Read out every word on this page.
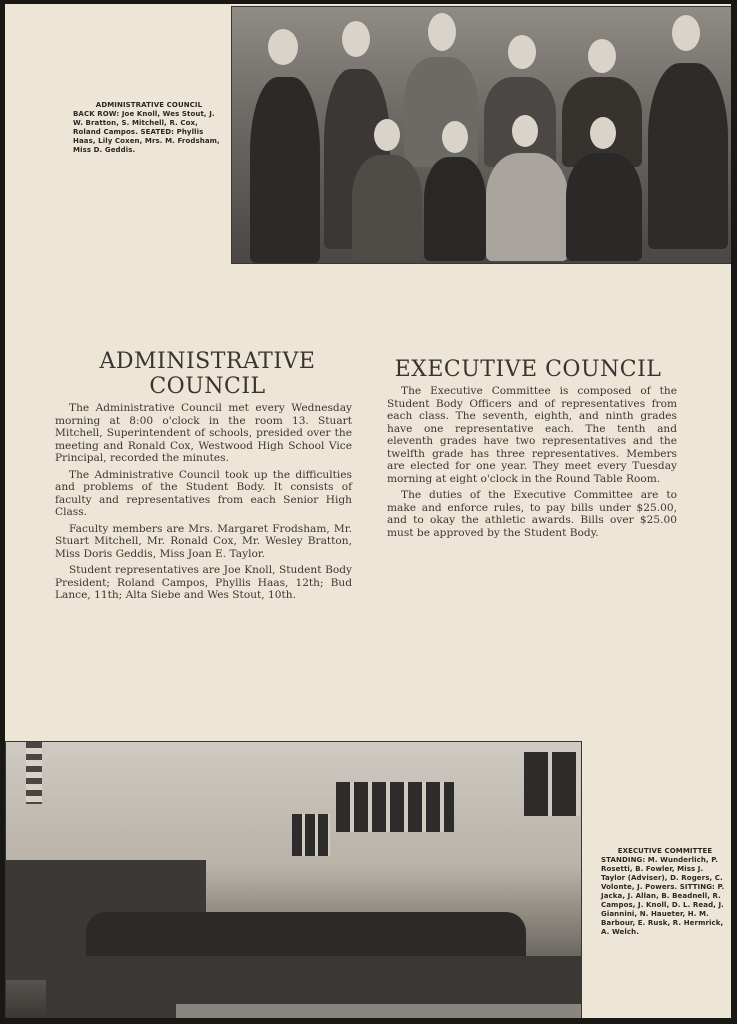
ADMINISTRATIVE COUNCIL
BACK ROW: Joe Knoll, Wes Stout, J. W. Bratton, S. Mitchell, R. Cox, Roland Campos. SEATED: Phyllis Haas, Lily Coxen, Mrs. M. Frodsham, Miss D. Geddis.
ADMINISTRATIVE
COUNCIL

The Administrative Council met every Wednesday morning at 8:00 o'clock in the room 13. Stuart Mitchell, Superintendent of schools, presided over the meeting and Ronald Cox, Westwood High School Vice Principal, recorded the minutes.

The Administrative Council took up the difficulties and problems of the Student Body. It consists of faculty and representatives from each Senior High Class.

Faculty members are Mrs. Margaret Frodsham, Mr. Stuart Mitchell, Mr. Ronald Cox, Mr. Wesley Bratton, Miss Doris Geddis, Miss Joan E. Taylor.

Student representatives are Joe Knoll, Student Body President; Roland Campos, Phyllis Haas, 12th; Bud Lance, 11th; Alta Siebe and Wes Stout, 10th.

EXECUTIVE COUNCIL

The Executive Committee is composed of the Student Body Officers and of representatives from each class. The seventh, eighth, and ninth grades have one representative each. The tenth and eleventh grades have two representatives and the twelfth grade has three representatives. Members are elected for one year. They meet every Tuesday morning at eight o'clock in the Round Table Room.

The duties of the Executive Committee are to make and enforce rules, to pay bills under $25.00, and to okay the athletic awards. Bills over $25.00 must be approved by the Student Body.

EXECUTIVE COMMITTEE
STANDING: M. Wunderlich, P. Rosetti, B. Fowler, Miss J. Taylor (Adviser), D. Rogers, C. Volonte, J. Powers. SITTING: P. Jacka, J. Allan, B. Beadnell, R. Campos, J. Knoll, D. L. Read, J. Giannini, N. Haueter, H. M. Barbour, E. Rusk, R. Hermrick, A. Welch.
